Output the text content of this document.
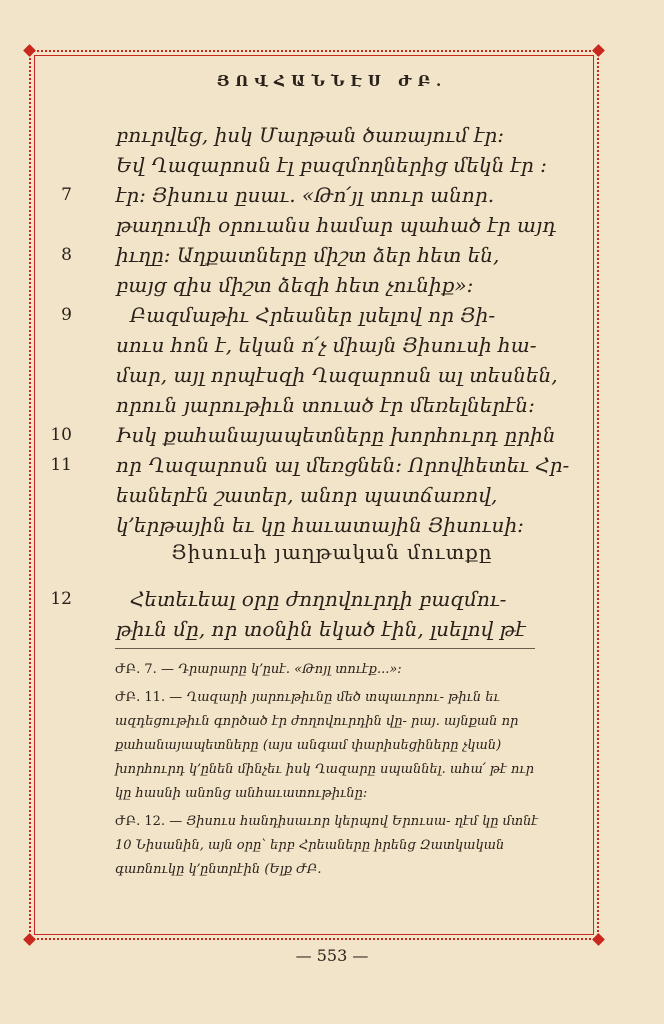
ՅՈՎՀԱՆՆԷՍ ԺԲ.
բուրվեց, իսկ Մարթան ծառայում էր։
Եվ Ղազարոսն էլ բազմողներից մեկն էր ։
7 էր։ Յիսուս ըսաւ. «Թո՛յլ տուր անոր.
թաղումի օրուանս համար պահած էր այդ
8 իւղը։ Աղքատները միշտ ձեր հետ են,
բայց զիս միշտ ձեզի հետ չունիք»։
9	Բազմաթիւ Հրեաներ լսելով որ Յի-
սուս հոն է, եկան ո՛չ միայն Յիսուսի հա-
մար, այլ որպէսզի Ղազարոսն ալ տեսնեն,
որուն յարութիւն տուած էր մեռելներէն։
10 Իսկ քահանայապետները խորհուրդ ըրին
11 որ Ղազարոսն ալ մեռցնեն։ Որովհետեւ Հր-
եաներէն շատեր, անոր պատճառով,
կ՚երթային եւ կը հաւատային Յիսուսի։
Յիսուսի յաղթական մուտքը
12	Հետեւեալ օրը ժողովուրդի բազմու-
թիւն մը, որ տօնին եկած էին, լսելով թէ
ԺԲ. 7. — Դրարարը կ՚ըսէ. «Թոյլ տուէք...»։
ԺԲ. 11. — Ղազարի յարութիւնը մեծ տպաւորու- թիւն եւ ազդեցութիւն գործած էր ժողովուրդին վը- րայ. այնքան որ քահանայապետները (այս անգամ փարիսեցիները չկան) խորհուրդ կ՚ընեն մինչեւ իսկ Ղազարը սպաննել. ահա՛ թէ ուր կը հասնի անոնց անհաւատութիւնը։
ԺԲ. 12. — Յիսուս հանդիսաւոր կերպով Երուսա- ղէմ կը մտնէ 10 Նիսանին, այն օրը՝ երբ Հրեաները իրենց Զատկական գառնուկը կ՚ընտրէին (Ելք ԺԲ.
— 553 —
